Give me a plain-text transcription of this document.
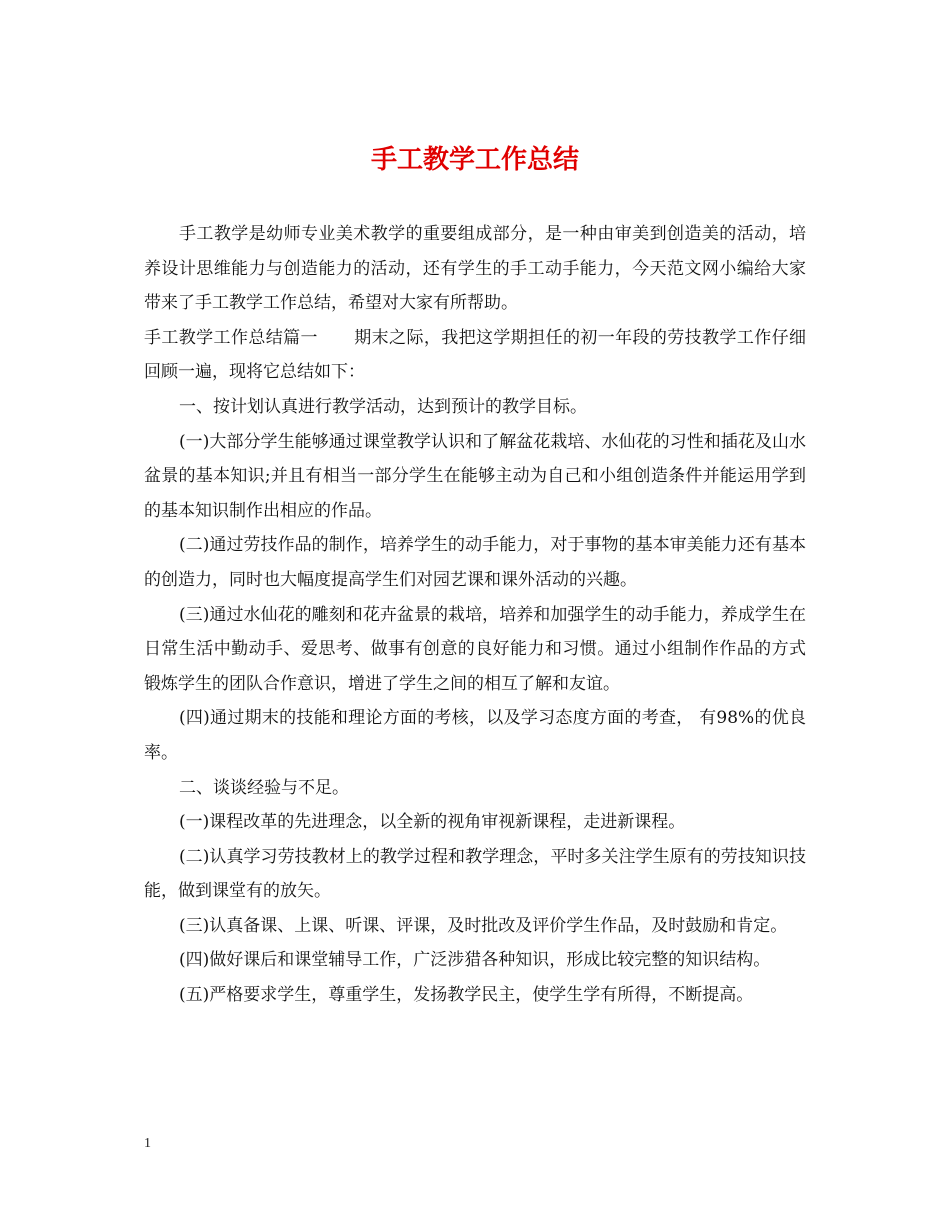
手工教学工作总结

手工教学是幼师专业美术教学的重要组成部分，是一种由审美到创造美的活动，培养设计思维能力与创造能力的活动，还有学生的手工动手能力，今天范文网小编给大家带来了手工教学工作总结，希望对大家有所帮助。

手工教学工作总结篇一 期末之际，我把这学期担任的初一年段的劳技教学工作仔细回顾一遍，现将它总结如下：

一、按计划认真进行教学活动，达到预计的教学目标。

(一)大部分学生能够通过课堂教学认识和了解盆花栽培、水仙花的习性和插花及山水盆景的基本知识;并且有相当一部分学生在能够主动为自己和小组创造条件并能运用学到的基本知识制作出相应的作品。

(二)通过劳技作品的制作，培养学生的动手能力，对于事物的基本审美能力还有基本的创造力，同时也大幅度提高学生们对园艺课和课外活动的兴趣。

(三)通过水仙花的雕刻和花卉盆景的栽培，培养和加强学生的动手能力，养成学生在日常生活中勤动手、爱思考、做事有创意的良好能力和习惯。通过小组制作作品的方式锻炼学生的团队合作意识，增进了学生之间的相互了解和友谊。

(四)通过期末的技能和理论方面的考核，以及学习态度方面的考查， 有98%的优良率。

二、谈谈经验与不足。

(一)课程改革的先进理念，以全新的视角审视新课程，走进新课程。

(二)认真学习劳技教材上的教学过程和教学理念，平时多关注学生原有的劳技知识技能，做到课堂有的放矢。

(三)认真备课、上课、听课、评课，及时批改及评价学生作品，及时鼓励和肯定。

(四)做好课后和课堂辅导工作，广泛涉猎各种知识，形成比较完整的知识结构。

(五)严格要求学生，尊重学生，发扬教学民主，使学生学有所得，不断提高。

1
